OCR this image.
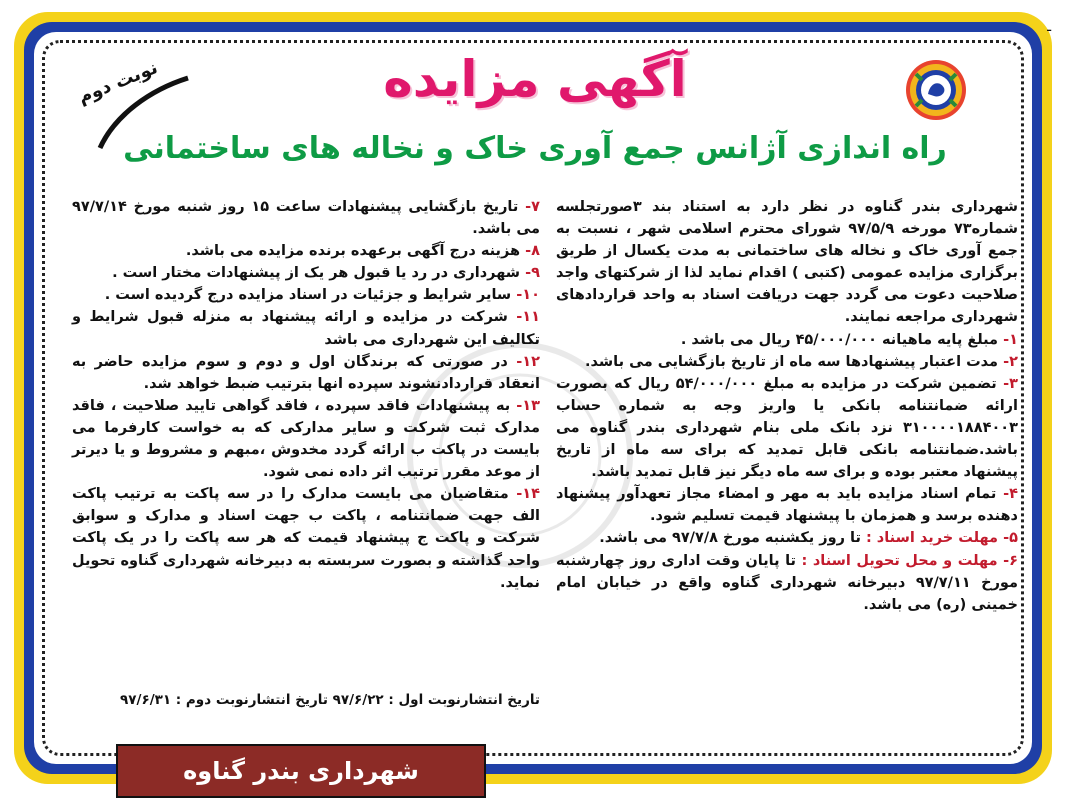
-
نوبت دوم	آگهی مزایده
راه اندازی آژانس جمع آوری خاک و نخاله های ساختمانی

شهرداری بندر گناوه در نظر دارد به استناد بند ۳صورتجلسه شماره۷۳ مورخه ۹۷/۵/۹ شورای محترم اسلامی شهر ، نسبت به جمع آوری خاک و نخاله های ساختمانی به مدت یکسال از طریق برگزاری مزایده عمومی (کتبی ) اقدام نماید لذا از شرکتهای واجد صلاحیت دعوت می گردد جهت دریافت اسناد به واحد قراردادهای شهرداری مراجعه نمایند.

۱- مبلغ پایه ماهیانه ۴۵/۰۰۰/۰۰۰ ریال می باشد .

۲- مدت اعتبار پیشنهادها سه ماه از تاریخ بازگشایی می باشد.

۳- تضمین شرکت در مزایده به مبلغ ۵۴/۰۰۰/۰۰۰ ریال که بصورت ارائه ضمانتنامه بانکی یا واریز وجه به شماره حساب ۳۱۰۰۰۰۱۸۸۴۰۰۳ نزد بانک ملی بنام شهرداری بندر گناوه می باشد.ضمانتنامه بانکی قابل تمدید که برای سه ماه از تاریخ پیشنهاد معتبر بوده و برای سه ماه دیگر نیز قابل تمدید باشد.

۴- تمام اسناد مزایده باید به مهر و امضاء مجاز تعهدآور پیشنهاد دهنده برسد و همزمان با پیشنهاد قیمت تسلیم شود.

۵- مهلت خرید اسناد : تا روز یکشنبه مورخ ۹۷/۷/۸ می باشد.

۶- مهلت و محل تحویل اسناد : تا پایان وقت اداری روز چهارشنبه مورخ ۹۷/۷/۱۱ دبیرخانه شهرداری گناوه واقع در خیابان امام خمینی (ره) می باشد.

۷- تاریخ بازگشایی پیشنهادات ساعت ۱۵ روز شنبه مورخ ۹۷/۷/۱۴ می باشد.

۸- هزینه درج آگهی برعهده برنده مزایده می باشد.

۹- شهرداری در رد یا قبول هر یک از پیشنهادات مختار است .

۱۰- سایر شرایط و جزئیات در اسناد مزایده درج گردیده است .

۱۱- شرکت در مزایده و ارائه پیشنهاد به منزله قبول شرایط و تکالیف این شهرداری می باشد

۱۲- در صورتی که برندگان اول و دوم و سوم مزایده حاضر به انعقاد قراردادنشوند سپرده انها بترتیب ضبط خواهد شد.

۱۳- به پیشنهادات فاقد سپرده ، فاقد گواهی تایید صلاحیت ، فاقد مدارک ثبت شرکت و سایر مدارکی که به خواست کارفرما می بایست در پاکت ب ارائه گردد مخدوش ،مبهم و مشروط و یا دیرتر از موعد مقرر ترتیب اثر داده نمی شود.

۱۴- متقاضیان می بایست مدارک را در سه پاکت به ترتیب پاکت الف جهت ضمانتنامه ، پاکت ب جهت اسناد و مدارک و سوابق شرکت و پاکت ج پیشنهاد قیمت که هر سه پاکت را در یک پاکت واحد گذاشته و بصورت سربسته به دبیرخانه شهرداری گناوه تحویل نماید.

تاریخ انتشارنوبت اول : ۹۷/۶/۲۲ تاریخ انتشارنوبت دوم : ۹۷/۶/۳۱
شهرداری بندر گناوه
